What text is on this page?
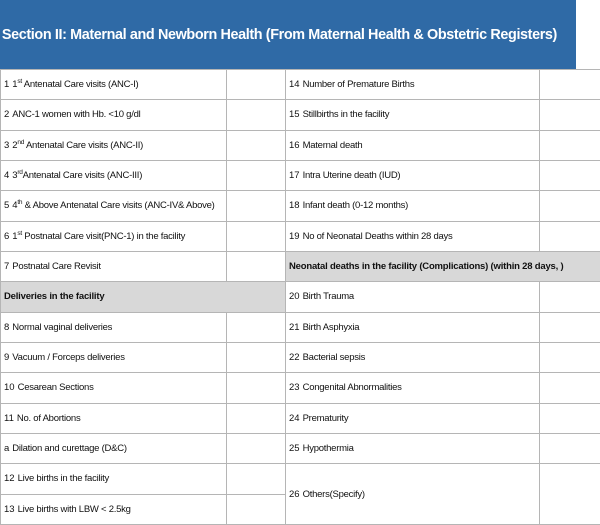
Section II: Maternal and Newborn Health (From Maternal Health & Obstetric Registers)
1 1st Antenatal Care visits (ANC-I)		14 Number of Premature Births	
2 ANC-1 women with Hb. <10 g/dl		15 Stillbirths in the facility	
3 2nd Antenatal Care visits (ANC-II)		16 Maternal death	
4 3rdAntenatal Care visits (ANC-III)		17 Intra Uterine death (IUD)	
5 4th & Above Antenatal Care visits (ANC-IV& Above)		18 Infant death (0-12 months)	
6 1st Postnatal Care visit(PNC-1) in the facility		19 No of Neonatal Deaths within 28 days	
7 Postnatal Care Revisit		Neonatal deaths in the facility (Complications) (within 28 days, )	
Deliveries in the facility		20 Birth Trauma	
8 Normal vaginal deliveries		21 Birth Asphyxia	
9 Vacuum / Forceps deliveries		22 Bacterial sepsis	
10 Cesarean Sections		23 Congenital Abnormalities	
11 No. of Abortions		24 Prematurity	
a Dilation and curettage (D&C)		25 Hypothermia	
12 Live births in the facility		26 Others(Specify)	
13 Live births with LBW < 2.5kg	
